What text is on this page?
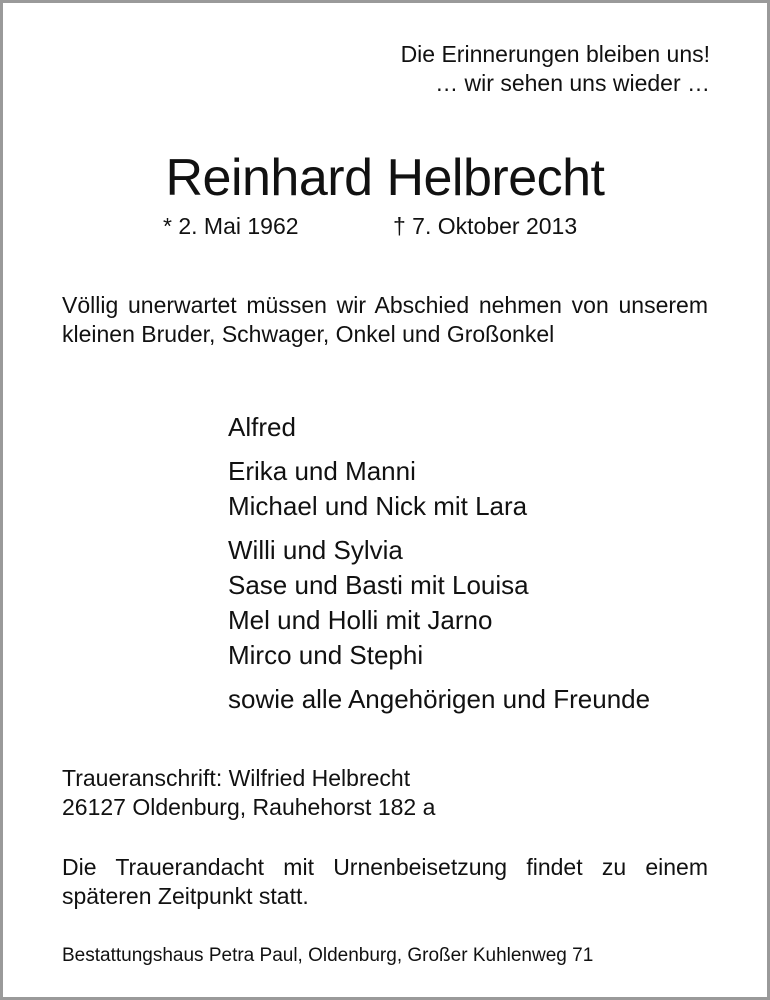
Die Erinnerungen bleiben uns!
… wir sehen uns wieder …
Reinhard Helbrecht
* 2. Mai 1962	† 7. Oktober 2013
Völlig unerwartet müssen wir Abschied nehmen von unserem kleinen Bruder, Schwager, Onkel und Großonkel
Alfred
Erika und Manni
Michael und Nick mit Lara
Willi und Sylvia
Sase und Basti mit Louisa
Mel und Holli mit Jarno
Mirco und Stephi
sowie alle Angehörigen und Freunde
Traueranschrift: Wilfried Helbrecht
26127 Oldenburg, Rauhehorst 182 a
Die Trauerandacht mit Urnenbeisetzung findet zu einem späteren Zeitpunkt statt.
Bestattungshaus Petra Paul, Oldenburg, Großer Kuhlenweg 71
